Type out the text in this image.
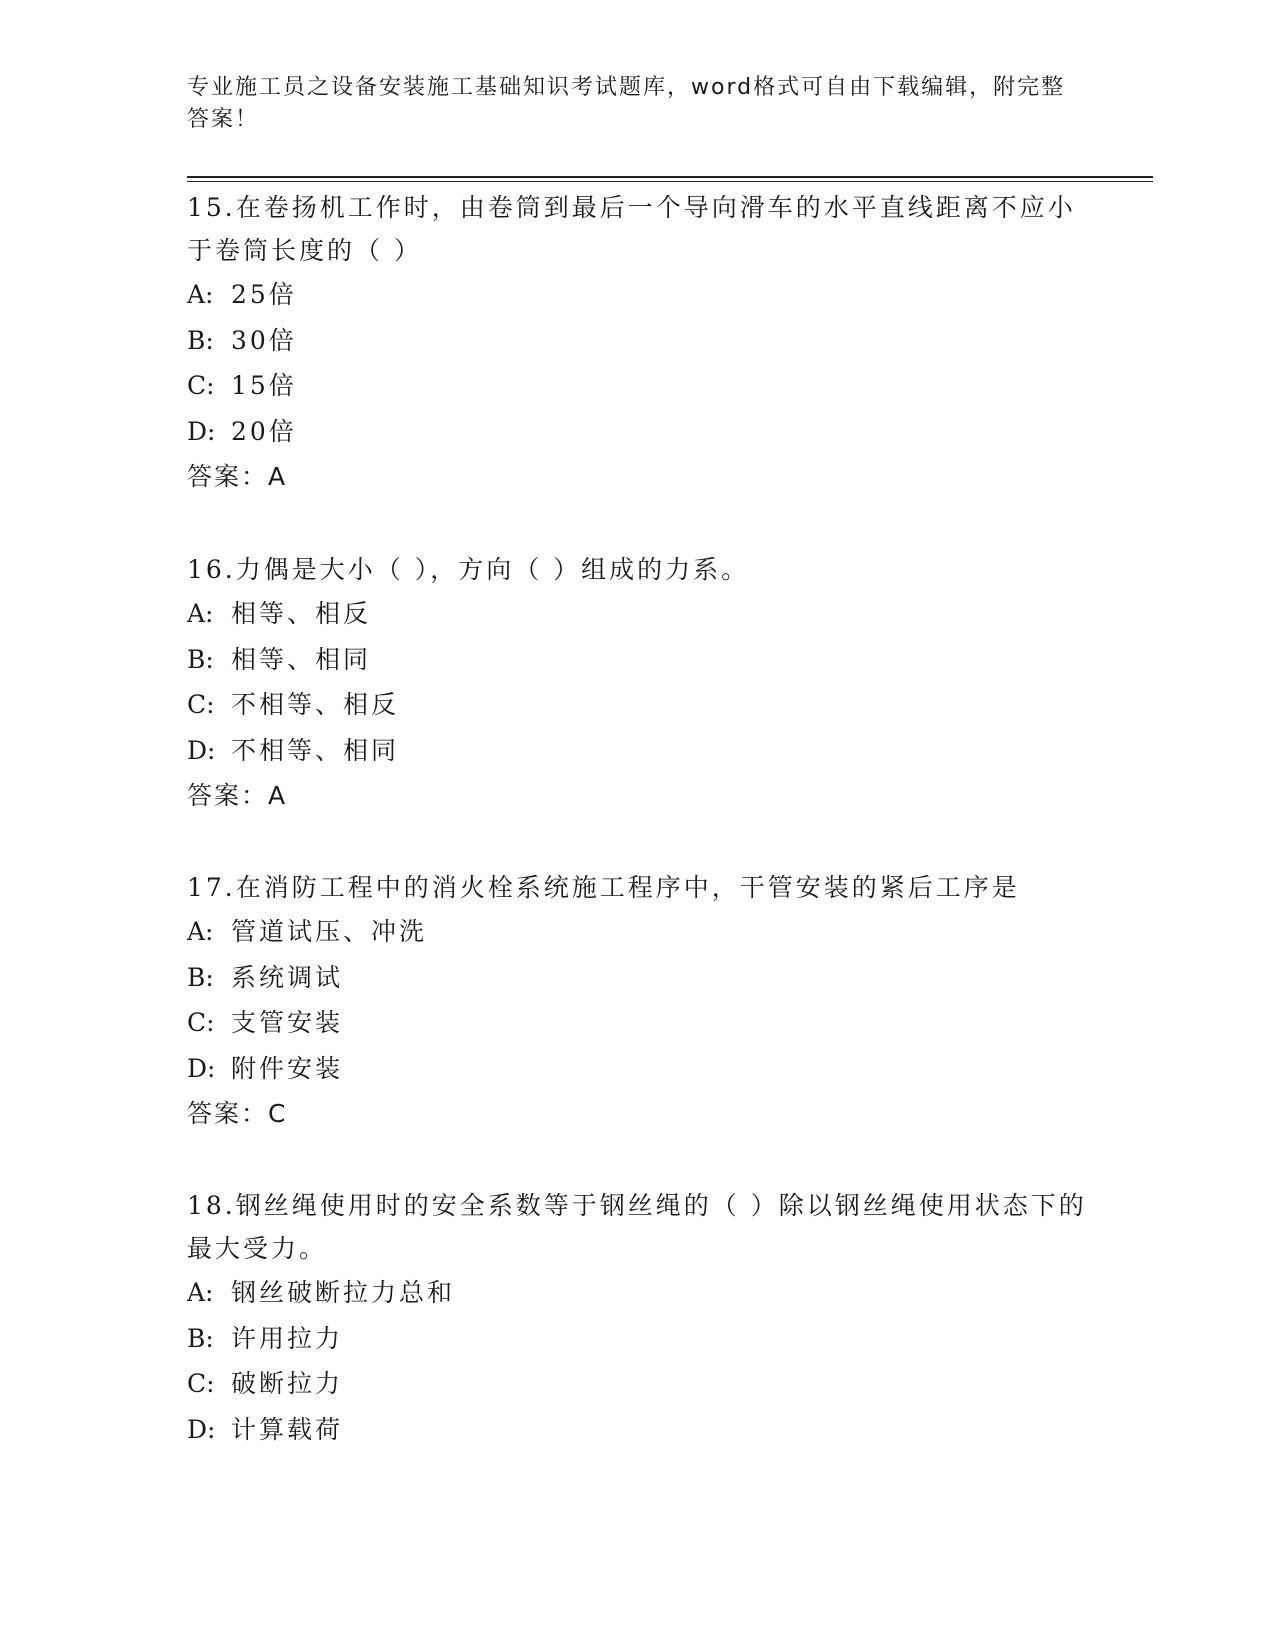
专业施工员之设备安装施工基础知识考试题库，word格式可自由下载编辑，附完整答案！

15.在卷扬机工作时，由卷筒到最后一个导向滑车的水平直线距离不应小于卷筒长度的（ ）

A: 25倍

B: 30倍

C: 15倍

D: 20倍

答案：A

16.力偶是大小（ ），方向（ ）组成的力系。

A: 相等、相反

B: 相等、相同

C: 不相等、相反

D: 不相等、相同

答案：A

17.在消防工程中的消火栓系统施工程序中，干管安装的紧后工序是

A: 管道试压、冲洗

B: 系统调试

C: 支管安装

D: 附件安装

答案：C

18.钢丝绳使用时的安全系数等于钢丝绳的（ ）除以钢丝绳使用状态下的最大受力。

A: 钢丝破断拉力总和

B: 许用拉力

C: 破断拉力

D: 计算载荷
